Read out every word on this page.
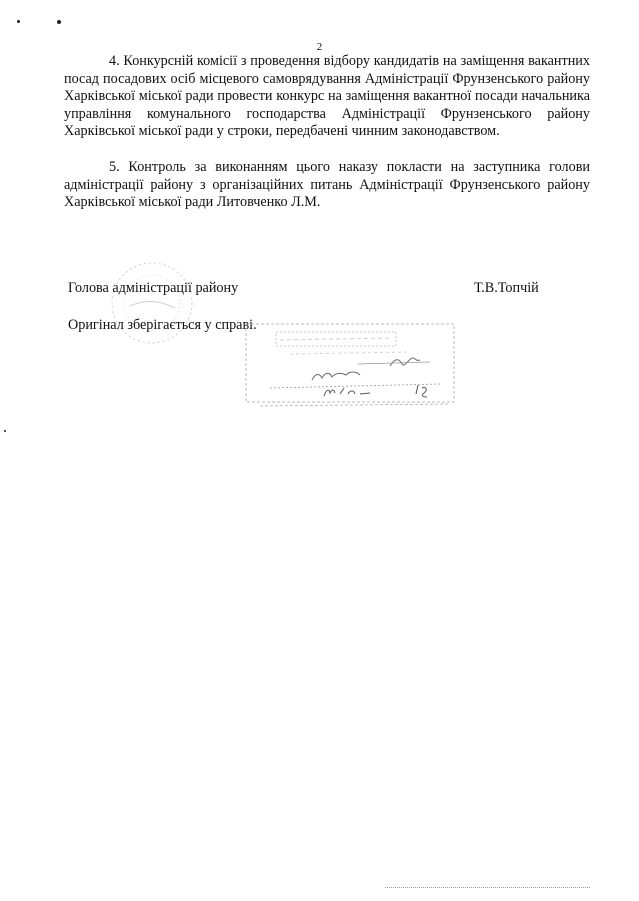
2

4. Конкурсній комісії з проведення відбору кандидатів на заміщення вакантних посад посадових осіб місцевого самоврядування Адміністрації Фрунзенського району Харківської міської ради провести конкурс на заміщення вакантної посади начальника управління комунального господарства Адміністрації Фрунзенського району Харківської міської ради у строки, передбачені чинним законодавством.

5. Контроль за виконанням цього наказу покласти на заступника голови адміністрації району з організаційних питань Адміністрації Фрунзенського району Харківської міської ради Литовченко Л.М.

Голова адміністрації району	Т.В.Топчій
Оригінал зберігається у справі.
